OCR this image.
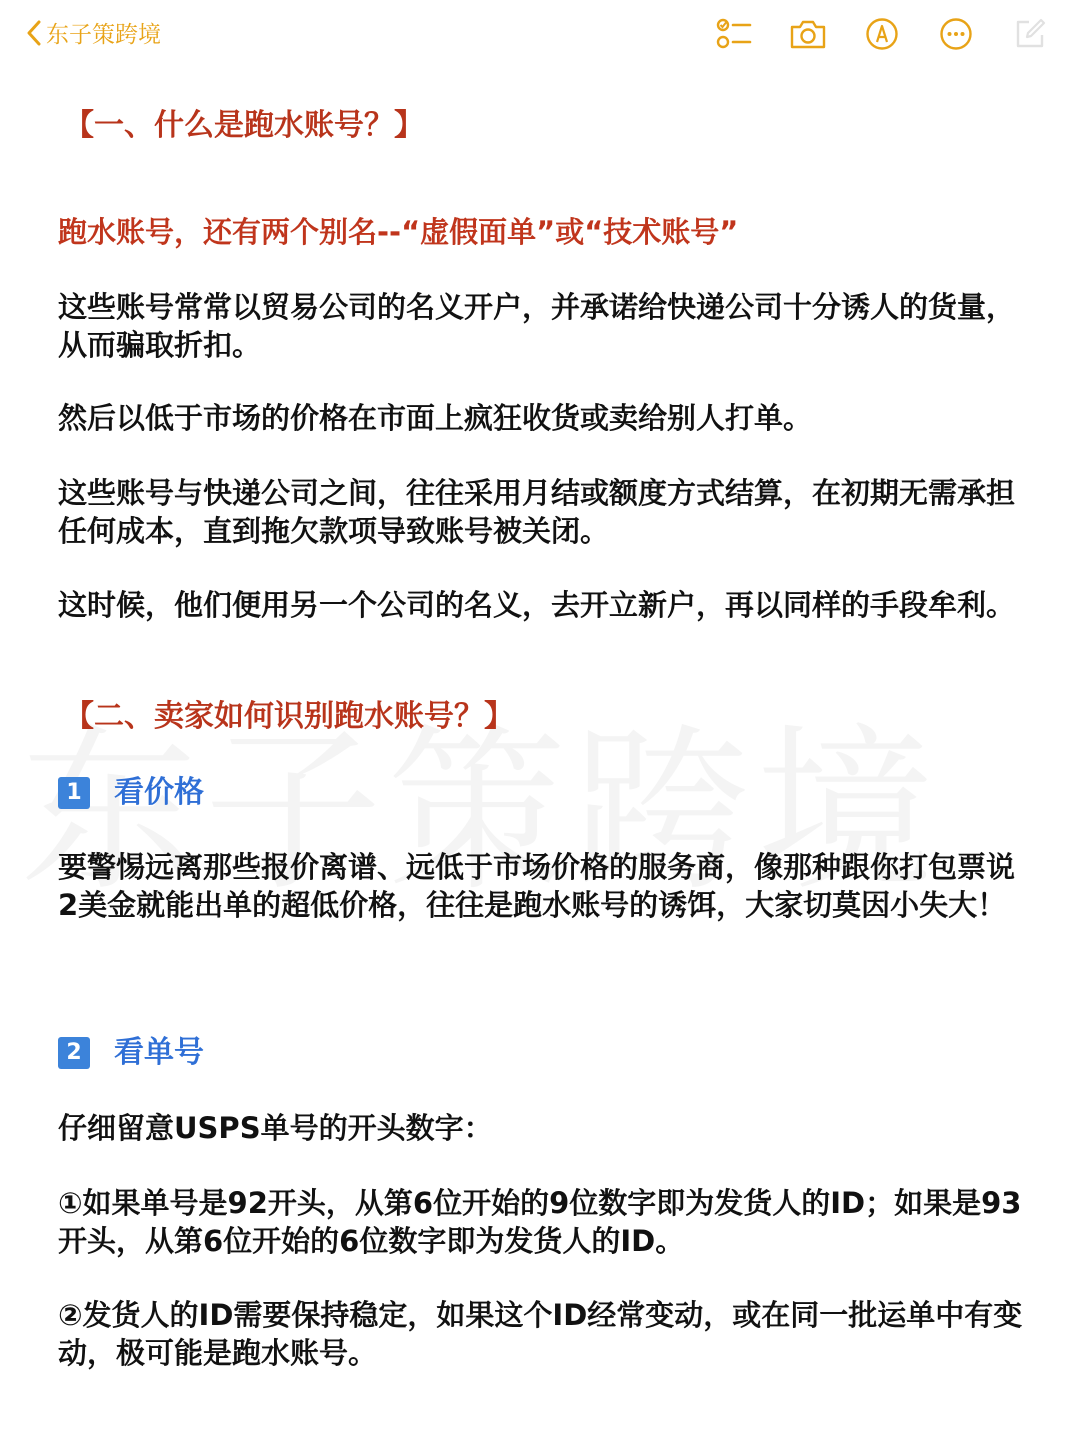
东子策跨境

【一、什么是跑水账号？】

跑水账号，还有两个别名--“虚假面单”或“技术账号”

这些账号常常以贸易公司的名义开户，并承诺给快递公司十分诱人的货量，从而骗取折扣。

然后以低于市场的价格在市面上疯狂收货或卖给别人打单。

这些账号与快递公司之间，往往采用月结或额度方式结算，在初期无需承担任何成本，直到拖欠款项导致账号被关闭。

这时候，他们便用另一个公司的名义，去开立新户，再以同样的手段牟利。

【二、卖家如何识别跑水账号？】

1 看价格

要警惕远离那些报价离谱、远低于市场价格的服务商，像那种跟你打包票说2美金就能出单的超低价格，往往是跑水账号的诱饵，大家切莫因小失大！

2 看单号

仔细留意USPS单号的开头数字：

①如果单号是92开头，从第6位开始的9位数字即为发货人的ID；如果是93开头，从第6位开始的6位数字即为发货人的ID。

②发货人的ID需要保持稳定，如果这个ID经常变动，或在同一批运单中有变动，极可能是跑水账号。
